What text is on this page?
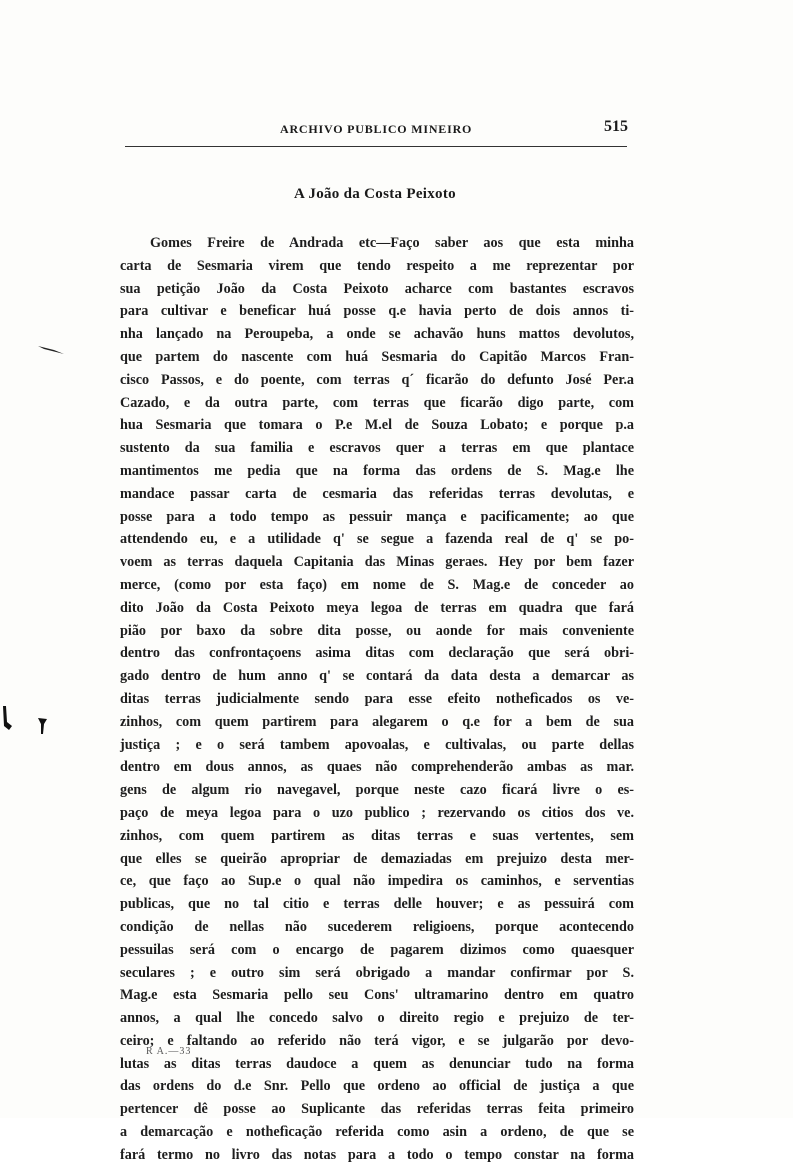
ARCHIVO PUBLICO MINEIRO	515
A João da Costa Peixoto
Gomes Freire de Andrada etc—Faço saber aos que esta minha
carta de Sesmaria virem que tendo respeito a me reprezentar por
sua petição João da Costa Peixoto acharce com bastantes escravos
para cultivar e beneficar huá posse q.e havia perto de dois annos ti-
nha lançado na Peroupeba, a onde se achavão huns mattos devolutos,
que partem do nascente com huá Sesmaria do Capitão Marcos Fran-
cisco Passos, e do poente, com terras q´ ficarão do defunto José Per.a
Cazado, e da outra parte, com terras que ficarão digo parte, com
hua Sesmaria que tomara o P.e M.el de Souza Lobato; e porque p.a
sustento da sua familia e escravos quer a terras em que plantace
mantimentos me pedia que na forma das ordens de S. Mag.e lhe
mandace passar carta de cesmaria das referidas terras devolutas, e
posse para a todo tempo as pessuir mança e pacificamente; ao que
attendendo eu, e a utilidade q' se segue a fazenda real de q' se po-
voem as terras daquela Capitania das Minas geraes. Hey por bem fazer
merce, (como por esta faço) em nome de S. Mag.e de conceder ao
dito João da Costa Peixoto meya legoa de terras em quadra que fará
pião por baxo da sobre dita posse, ou aonde for mais conveniente
dentro das confrontaçoens asima ditas com declaração que será obri-
gado dentro de hum anno q' se contará da data desta a demarcar as
ditas terras judicialmente sendo para esse efeito nothefìcados os ve-
zinhos, com quem partirem para alegarem o q.e for a bem de sua
justiça ; e o será tambem apovoalas, e cultivalas, ou parte dellas
dentro em dous annos, as quaes não comprehenderão ambas as mar.
gens de algum rio navegavel, porque neste cazo ficará livre o es-
paço de meya legoa para o uzo publico ; rezervando os citios dos ve.
zinhos, com quem partirem as ditas terras e suas vertentes, sem
que elles se queirão apropriar de demaziadas em prejuizo desta mer-
ce, que faço ao Sup.e o qual não impedira os caminhos, e serventias
publicas, que no tal citio e terras delle houver; e as pessuirá com
condição de nellas não sucederem religioens, porque acontecendo
pessuilas será com o encargo de pagarem dizimos como quaesquer
seculares ; e outro sim será obrigado a mandar confirmar por S.
Mag.e esta Sesmaria pello seu Cons' ultramarino dentro em quatro
annos, a qual lhe concedo salvo o direito regio e prejuizo de ter-
ceiro; e faltando ao referido não terá vigor, e se julgarão por devo-
lutas as ditas terras daudoce a quem as denunciar tudo na forma
das ordens do d.e Snr. Pello que ordeno ao official de justiça a que
pertencer dê posse ao Suplicante das referidas terras feita primeiro
a demarcação e nothefìcação referida como asin a ordeno, de que se
fará termo no livro das notas para a todo o tempo constar na forma
R A.—33
